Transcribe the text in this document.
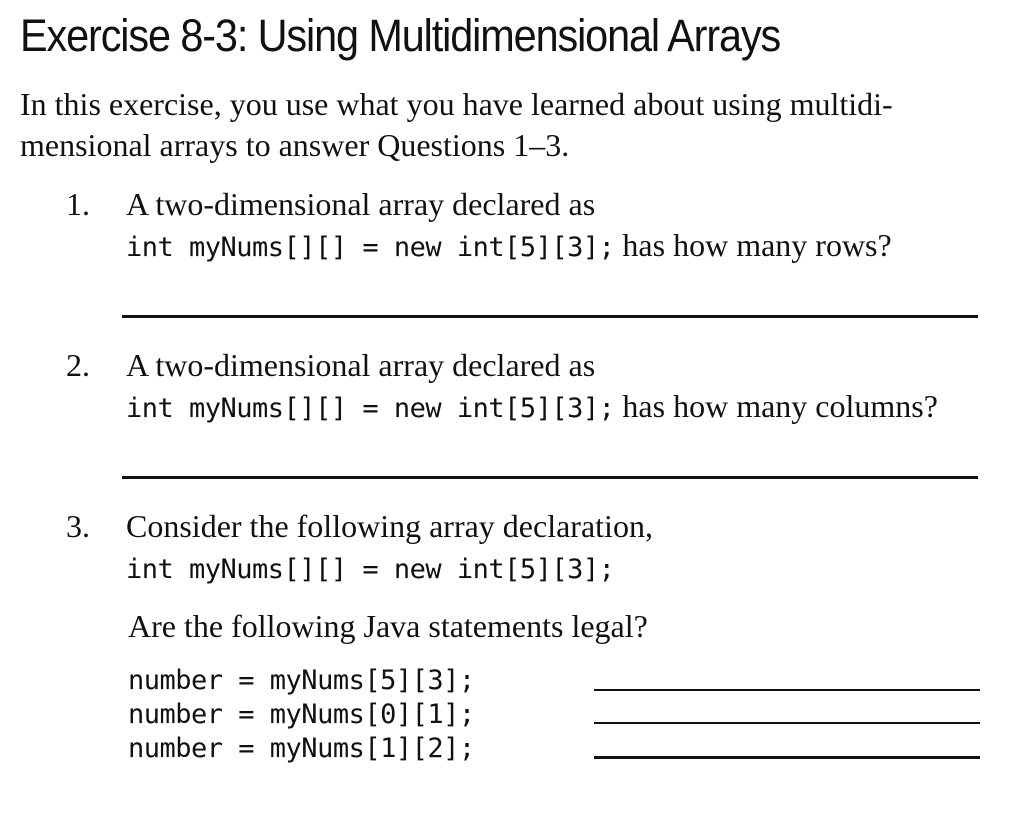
Exercise 8-3: Using Multidimensional Arrays
In this exercise, you use what you have learned about using multidi-
mensional arrays to answer Questions 1–3.
1. A two-dimensional array declared as
int myNums[][] = new int[5][3]; has how many rows?
2. A two-dimensional array declared as
int myNums[][] = new int[5][3]; has how many columns?
3. Consider the following array declaration,
int myNums[][] = new int[5][3];
Are the following Java statements legal?
number = myNums[5][3];
number = myNums[0][1];
number = myNums[1][2];
